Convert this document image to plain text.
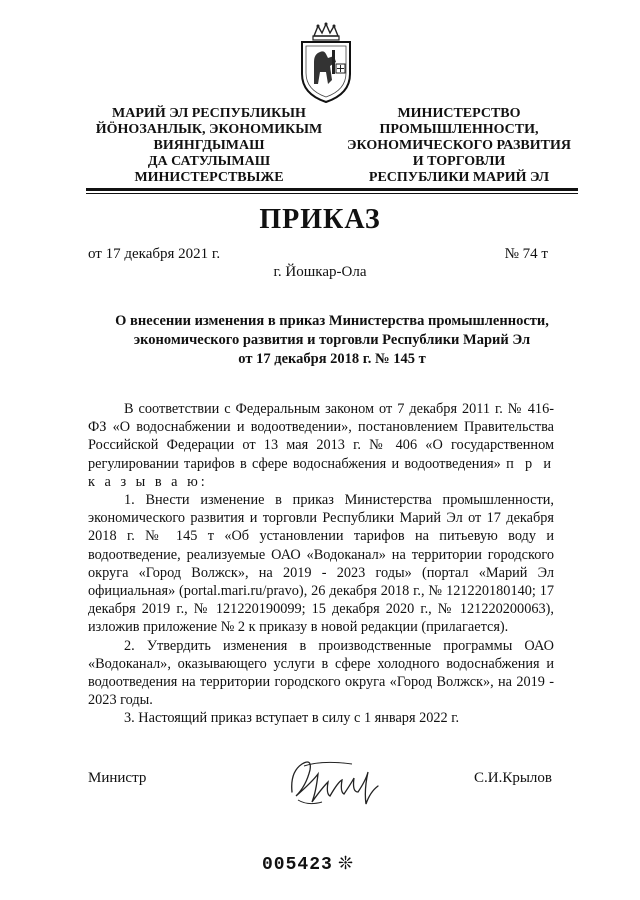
МАРИЙ ЭЛ РЕСПУБЛИКЫН
ЙÖНОЗАНЛЫК, ЭКОНОМИКЫМ
ВИЯНГДЫМАШ
ДА САТУЛЫМАШ
МИНИСТЕРСТВЫЖЕ
МИНИСТЕРСТВО
ПРОМЫШЛЕННОСТИ,
ЭКОНОМИЧЕСКОГО РАЗВИТИЯ
И ТОРГОВЛИ
РЕСПУБЛИКИ МАРИЙ ЭЛ
ПРИКАЗ
от 17 декабря 2021 г.	№ 74 т
г. Йошкар-Ола
О внесении изменения в приказ Министерства промышленности,
экономического развития и торговли Республики Марий Эл
от 17 декабря 2018 г. № 145 т

В соответствии с Федеральным законом от 7 декабря 2011 г. № 416-ФЗ «О водоснабжении и водоотведении», постановлением Правительства Российской Федерации от 13 мая 2013 г. № 406 «О государственном регулировании тарифов в сфере водоснабжения и водоотведения» п р и к а з ы в а ю:

1. Внести изменение в приказ Министерства промышленности, экономического развития и торговли Республики Марий Эл от 17 декабря 2018 г. № 145 т «Об установлении тарифов на питьевую воду и водоотведение, реализуемые ОАО «Водоканал» на территории городского округа «Город Волжск», на 2019 - 2023 годы» (портал «Марий Эл официальная» (portal.mari.ru/pravo), 26 декабря 2018 г., № 121220180140; 17 декабря 2019 г., № 121220190099; 15 декабря 2020 г., № 121220200063), изложив приложение № 2 к приказу в новой редакции (прилагается).

2. Утвердить изменения в производственные программы ОАО «Водоканал», оказывающего услуги в сфере холодного водоснабжения и водоотведения на территории городского округа «Город Волжск», на 2019 - 2023 годы.

3. Настоящий приказ вступает в силу с 1 января 2022 г.

Министр	С.И.Крылов
005423 ❊
